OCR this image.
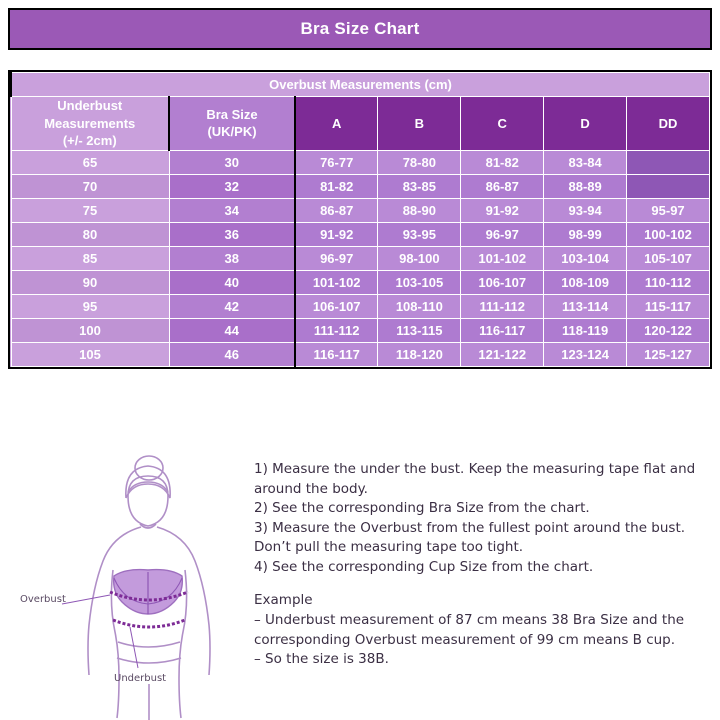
Bra Size Chart
Overbust Measurements (cm)						

Underbust
Measurements
(+/- 2cm)

Bra Size
(UK/PK)
	A	B	C	D	DD
65	30	76-77	78-80	81-82	83-84	
70	32	81-82	83-85	86-87	88-89	
75	34	86-87	88-90	91-92	93-94	95-97
80	36	91-92	93-95	96-97	98-99	100-102
85	38	96-97	98-100	101-102	103-104	105-107
90	40	101-102	103-105	106-107	108-109	110-112
95	42	106-107	108-110	111-112	113-114	115-117
100	44	111-112	113-115	116-117	118-119	120-122
105	46	116-117	118-120	121-122	123-124	125-127
Overbust
Underbust

1) Measure the under the bust. Keep the measuring tape flat and around the body.

2) See the corresponding Bra Size from the chart.

3) Measure the Overbust from the fullest point around the bust. Don’t pull the measuring tape too tight.

4) See the corresponding Cup Size from the chart.

Example

– Underbust measurement of 87 cm means 38 Bra Size and the corresponding Overbust measurement of 99 cm means B cup.

– So the size is 38B.
